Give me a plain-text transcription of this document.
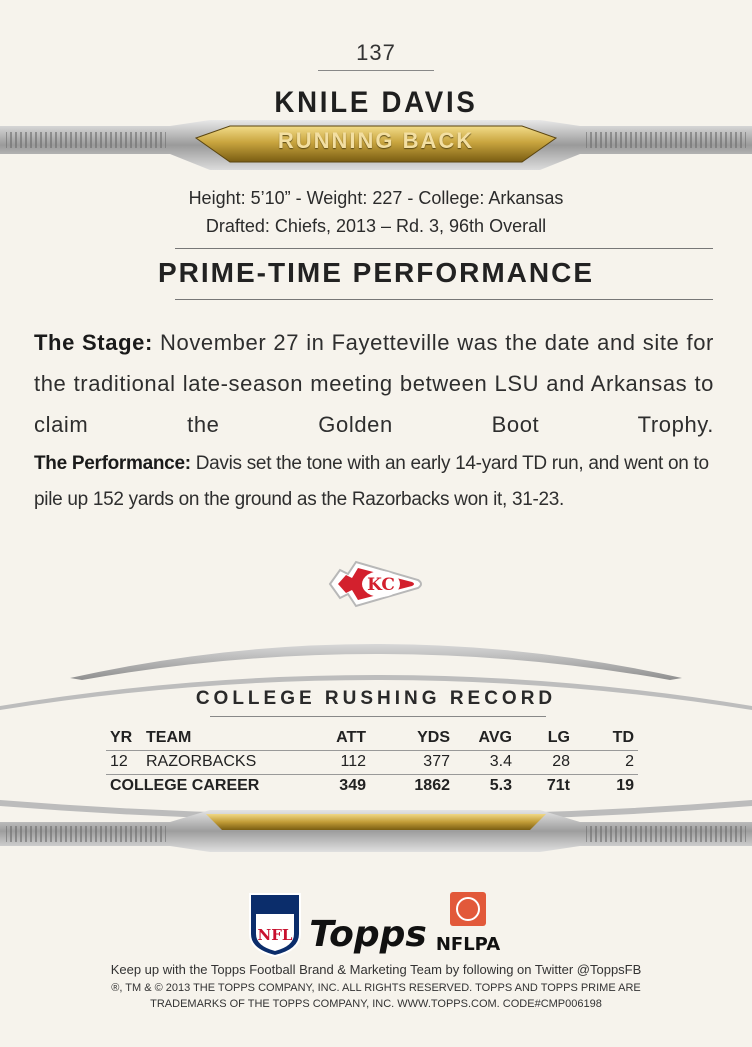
137
KNILE DAVIS
RUNNING BACK
Height: 5’10” - Weight: 227 - College: Arkansas
Drafted: Chiefs, 2013 – Rd. 3, 96th Overall
PRIME-TIME PERFORMANCE
The Stage: November 27 in Fayetteville was the date and site for the traditional late-season meeting between LSU and Arkansas to claim the Golden Boot Trophy.
The Performance: Davis set the tone with an early 14-yard TD run, and went on to pile up 152 yards on the ground as the Razorbacks won it, 31-23.
KC
COLLEGE RUSHING RECORD
YR	TEAM	ATT	YDS	AVG	LG	TD
12	RAZORBACKS	112	377	3.4	28	2
COLLEGE CAREER		349	1862	5.3	71t	19
NFL Topps NFLPA
Keep up with the Topps Football Brand & Marketing Team by following on Twitter @ToppsFB
®, TM & © 2013 THE TOPPS COMPANY, INC. ALL RIGHTS RESERVED. TOPPS AND TOPPS PRIME ARE
TRADEMARKS OF THE TOPPS COMPANY, INC. WWW.TOPPS.COM. CODE#CMP006198
